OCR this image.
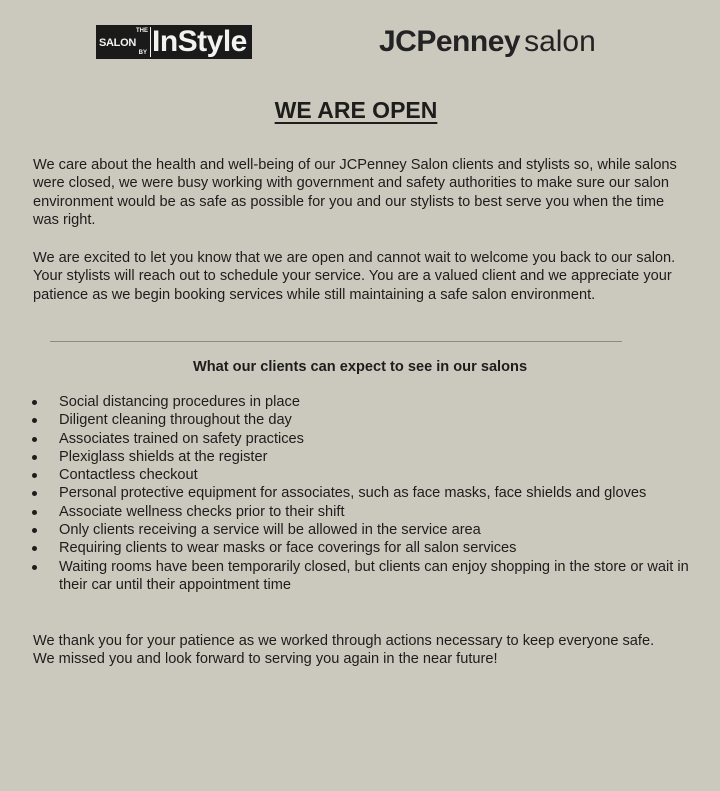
THE
SALON
BY InStyle	JCPenney salon
WE ARE OPEN

We care about the health and well-being of our JCPenney Salon clients and stylists so, while salons were closed, we were busy working with government and safety authorities to make sure our salon environment would be as safe as possible for you and our stylists to best serve you when the time was right.

We are excited to let you know that we are open and cannot wait to welcome you back to our salon. Your stylists will reach out to schedule your service. You are a valued client and we appreciate your patience as we begin booking services while still maintaining a safe salon environment.

What our clients can expect to see in our salons
Social distancing procedures in place
Diligent cleaning throughout the day
Associates trained on safety practices
Plexiglass shields at the register
Contactless checkout
Personal protective equipment for associates, such as face masks, face shields and gloves
Associate wellness checks prior to their shift
Only clients receiving a service will be allowed in the service area
Requiring clients to wear masks or face coverings for all salon services
Waiting rooms have been temporarily closed, but clients can enjoy shopping in the store or wait in their car until their appointment time

We thank you for your patience as we worked through actions necessary to keep everyone safe.
We missed you and look forward to serving you again in the near future!
